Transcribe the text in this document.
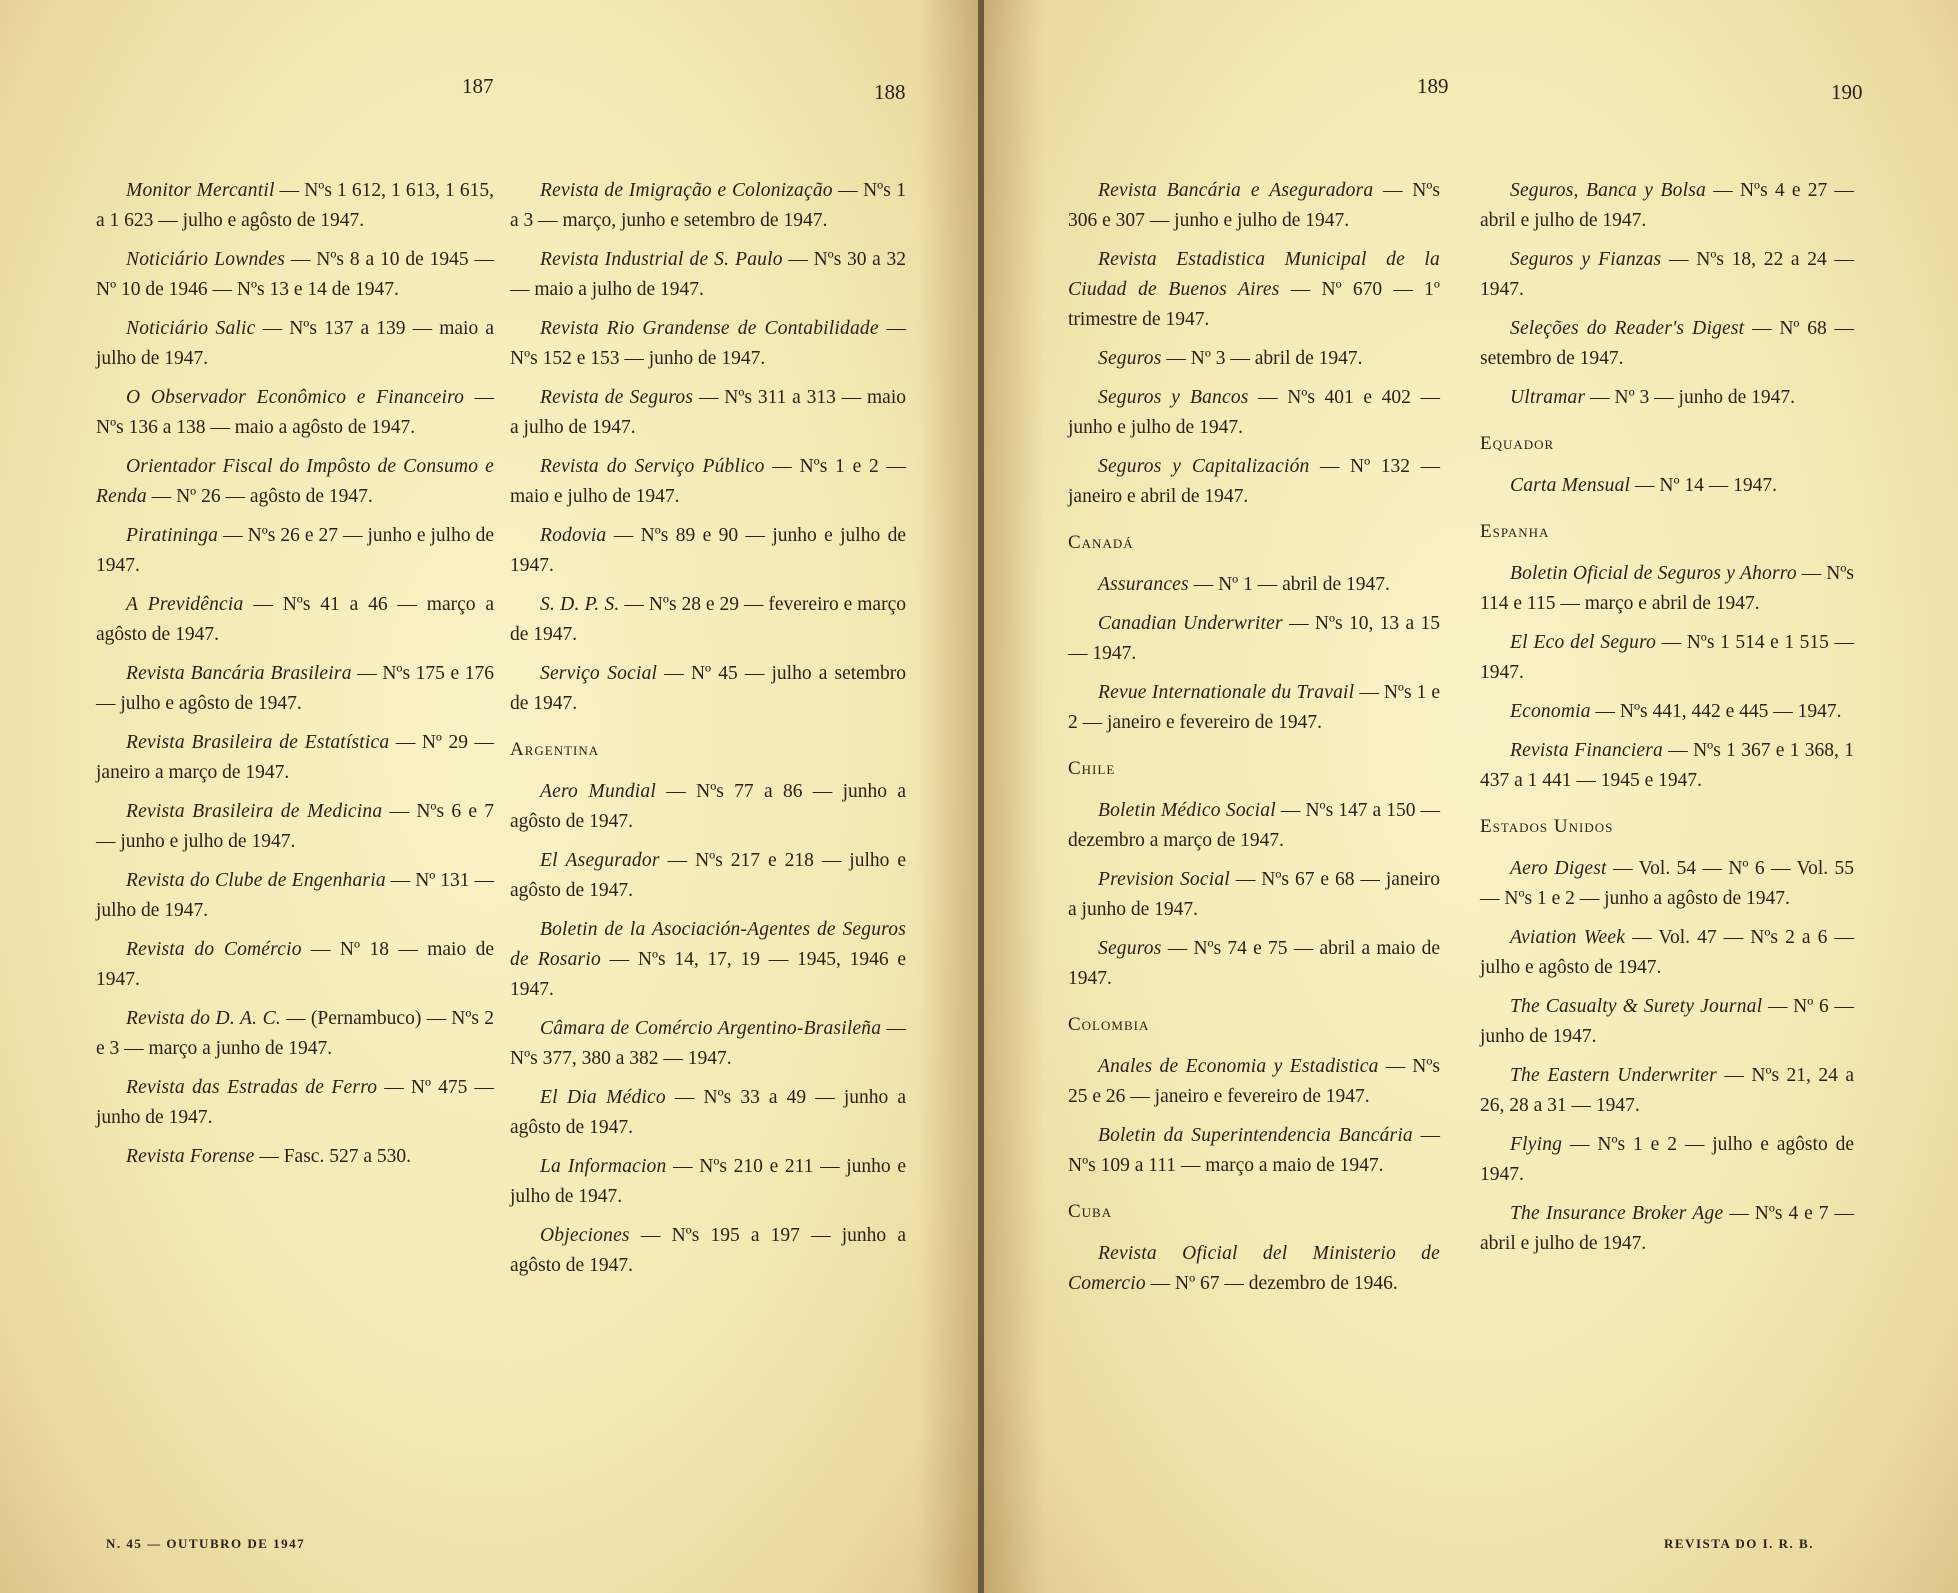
187	188
Monitor Mercantil — Nºs 1 612, 1 613, 1 615, a 1 623 — julho e agôsto de 1947.
Noticiário Lowndes — Nºs 8 a 10 de 1945 — Nº 10 de 1946 — Nºs 13 e 14 de 1947.
Noticiário Salic — Nºs 137 a 139 — maio a julho de 1947.
O Observador Econômico e Financeiro — Nºs 136 a 138 — maio a agôsto de 1947.
Orientador Fiscal do Impôsto de Consumo e Renda — Nº 26 — agôsto de 1947.
Piratininga — Nºs 26 e 27 — junho e julho de 1947.
A Previdência — Nºs 41 a 46 — março a agôsto de 1947.
Revista Bancária Brasileira — Nºs 175 e 176 — julho e agôsto de 1947.
Revista Brasileira de Estatística — Nº 29 — janeiro a março de 1947.
Revista Brasileira de Medicina — Nºs 6 e 7 — junho e julho de 1947.
Revista do Clube de Engenharia — Nº 131 — julho de 1947.
Revista do Comércio — Nº 18 — maio de 1947.
Revista do D. A. C. — (Pernambuco) — Nºs 2 e 3 — março a junho de 1947.
Revista das Estradas de Ferro — Nº 475 — junho de 1947.
Revista Forense — Fasc. 527 a 530.
Revista de Imigração e Colonização — Nºs 1 a 3 — março, junho e setembro de 1947.
Revista Industrial de S. Paulo — Nºs 30 a 32 — maio a julho de 1947.
Revista Rio Grandense de Contabilidade — Nºs 152 e 153 — junho de 1947.
Revista de Seguros — Nºs 311 a 313 — maio a julho de 1947.
Revista do Serviço Público — Nºs 1 e 2 — maio e julho de 1947.
Rodovia — Nºs 89 e 90 — junho e julho de 1947.
S. D. P. S. — Nºs 28 e 29 — fevereiro e março de 1947.
Serviço Social — Nº 45 — julho a setembro de 1947.
Argentina
Aero Mundial — Nºs 77 a 86 — junho a agôsto de 1947.
El Asegurador — Nºs 217 e 218 — julho e agôsto de 1947.
Boletin de la Asociación-Agentes de Seguros de Rosario — Nºs 14, 17, 19 — 1945, 1946 e 1947.
Câmara de Comércio Argentino-Brasileña — Nºs 377, 380 a 382 — 1947.
El Dia Médico — Nºs 33 a 49 — junho a agôsto de 1947.
La Informacion — Nºs 210 e 211 — junho e julho de 1947.
Objeciones — Nºs 195 a 197 — junho a agôsto de 1947.
N. 45 — OUTUBRO DE 1947
189	190
Revista Bancária e Aseguradora — Nºs 306 e 307 — junho e julho de 1947.
Revista Estadistica Municipal de la Ciudad de Buenos Aires — Nº 670 — 1º trimestre de 1947.
Seguros — Nº 3 — abril de 1947.
Seguros y Bancos — Nºs 401 e 402 — junho e julho de 1947.
Seguros y Capitalización — Nº 132 — janeiro e abril de 1947.
Canadá
Assurances — Nº 1 — abril de 1947.
Canadian Underwriter — Nºs 10, 13 a 15 — 1947.
Revue Internationale du Travail — Nºs 1 e 2 — janeiro e fevereiro de 1947.
Chile
Boletin Médico Social — Nºs 147 a 150 — dezembro a março de 1947.
Prevision Social — Nºs 67 e 68 — janeiro a junho de 1947.
Seguros — Nºs 74 e 75 — abril a maio de 1947.
Colombia
Anales de Economia y Estadistica — Nºs 25 e 26 — janeiro e fevereiro de 1947.
Boletin da Superintendencia Bancária — Nºs 109 a 111 — março a maio de 1947.
Cuba
Revista Oficial del Ministerio de Comercio — Nº 67 — dezembro de 1946.
Seguros, Banca y Bolsa — Nºs 4 e 27 — abril e julho de 1947.
Seguros y Fianzas — Nºs 18, 22 a 24 — 1947.
Seleções do Reader's Digest — Nº 68 — setembro de 1947.
Ultramar — Nº 3 — junho de 1947.
Equador
Carta Mensual — Nº 14 — 1947.
Espanha
Boletin Oficial de Seguros y Ahorro — Nºs 114 e 115 — março e abril de 1947.
El Eco del Seguro — Nºs 1 514 e 1 515 — 1947.
Economia — Nºs 441, 442 e 445 — 1947.
Revista Financiera — Nºs 1 367 e 1 368, 1 437 a 1 441 — 1945 e 1947.
Estados Unidos
Aero Digest — Vol. 54 — Nº 6 — Vol. 55 — Nºs 1 e 2 — junho a agôsto de 1947.
Aviation Week — Vol. 47 — Nºs 2 a 6 — julho e agôsto de 1947.
The Casualty & Surety Journal — Nº 6 — junho de 1947.
The Eastern Underwriter — Nºs 21, 24 a 26, 28 a 31 — 1947.
Flying — Nºs 1 e 2 — julho e agôsto de 1947.
The Insurance Broker Age — Nºs 4 e 7 — abril e julho de 1947.
REVISTA DO I. R. B.
